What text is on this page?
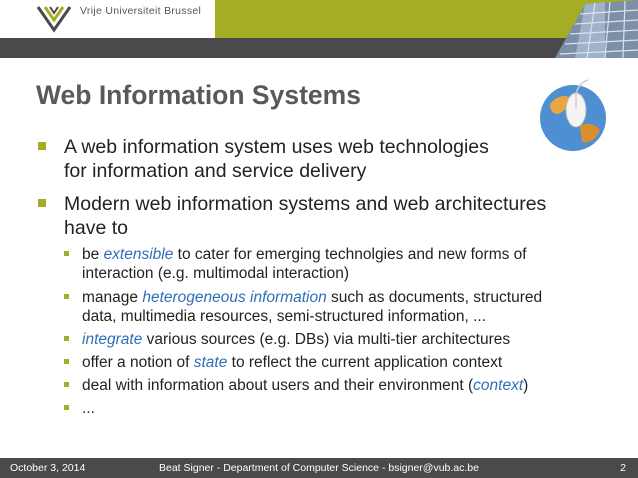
Vrije Universiteit Brussel
Web Information Systems
A web information system uses web technologies
for information and service delivery
Modern web information systems and web architectures
have to
be extensible to cater for emerging technolgies and new forms of
interaction (e.g. multimodal interaction)
manage heterogeneous information such as documents, structured
data, multimedia resources, semi-structured information, ...
integrate various sources (e.g. DBs) via multi-tier architectures
offer a notion of state to reflect the current application context
deal with information about users and their environment (context)
...
October 3, 2014	Beat Signer - Department of Computer Science - bsigner@vub.ac.be	2
